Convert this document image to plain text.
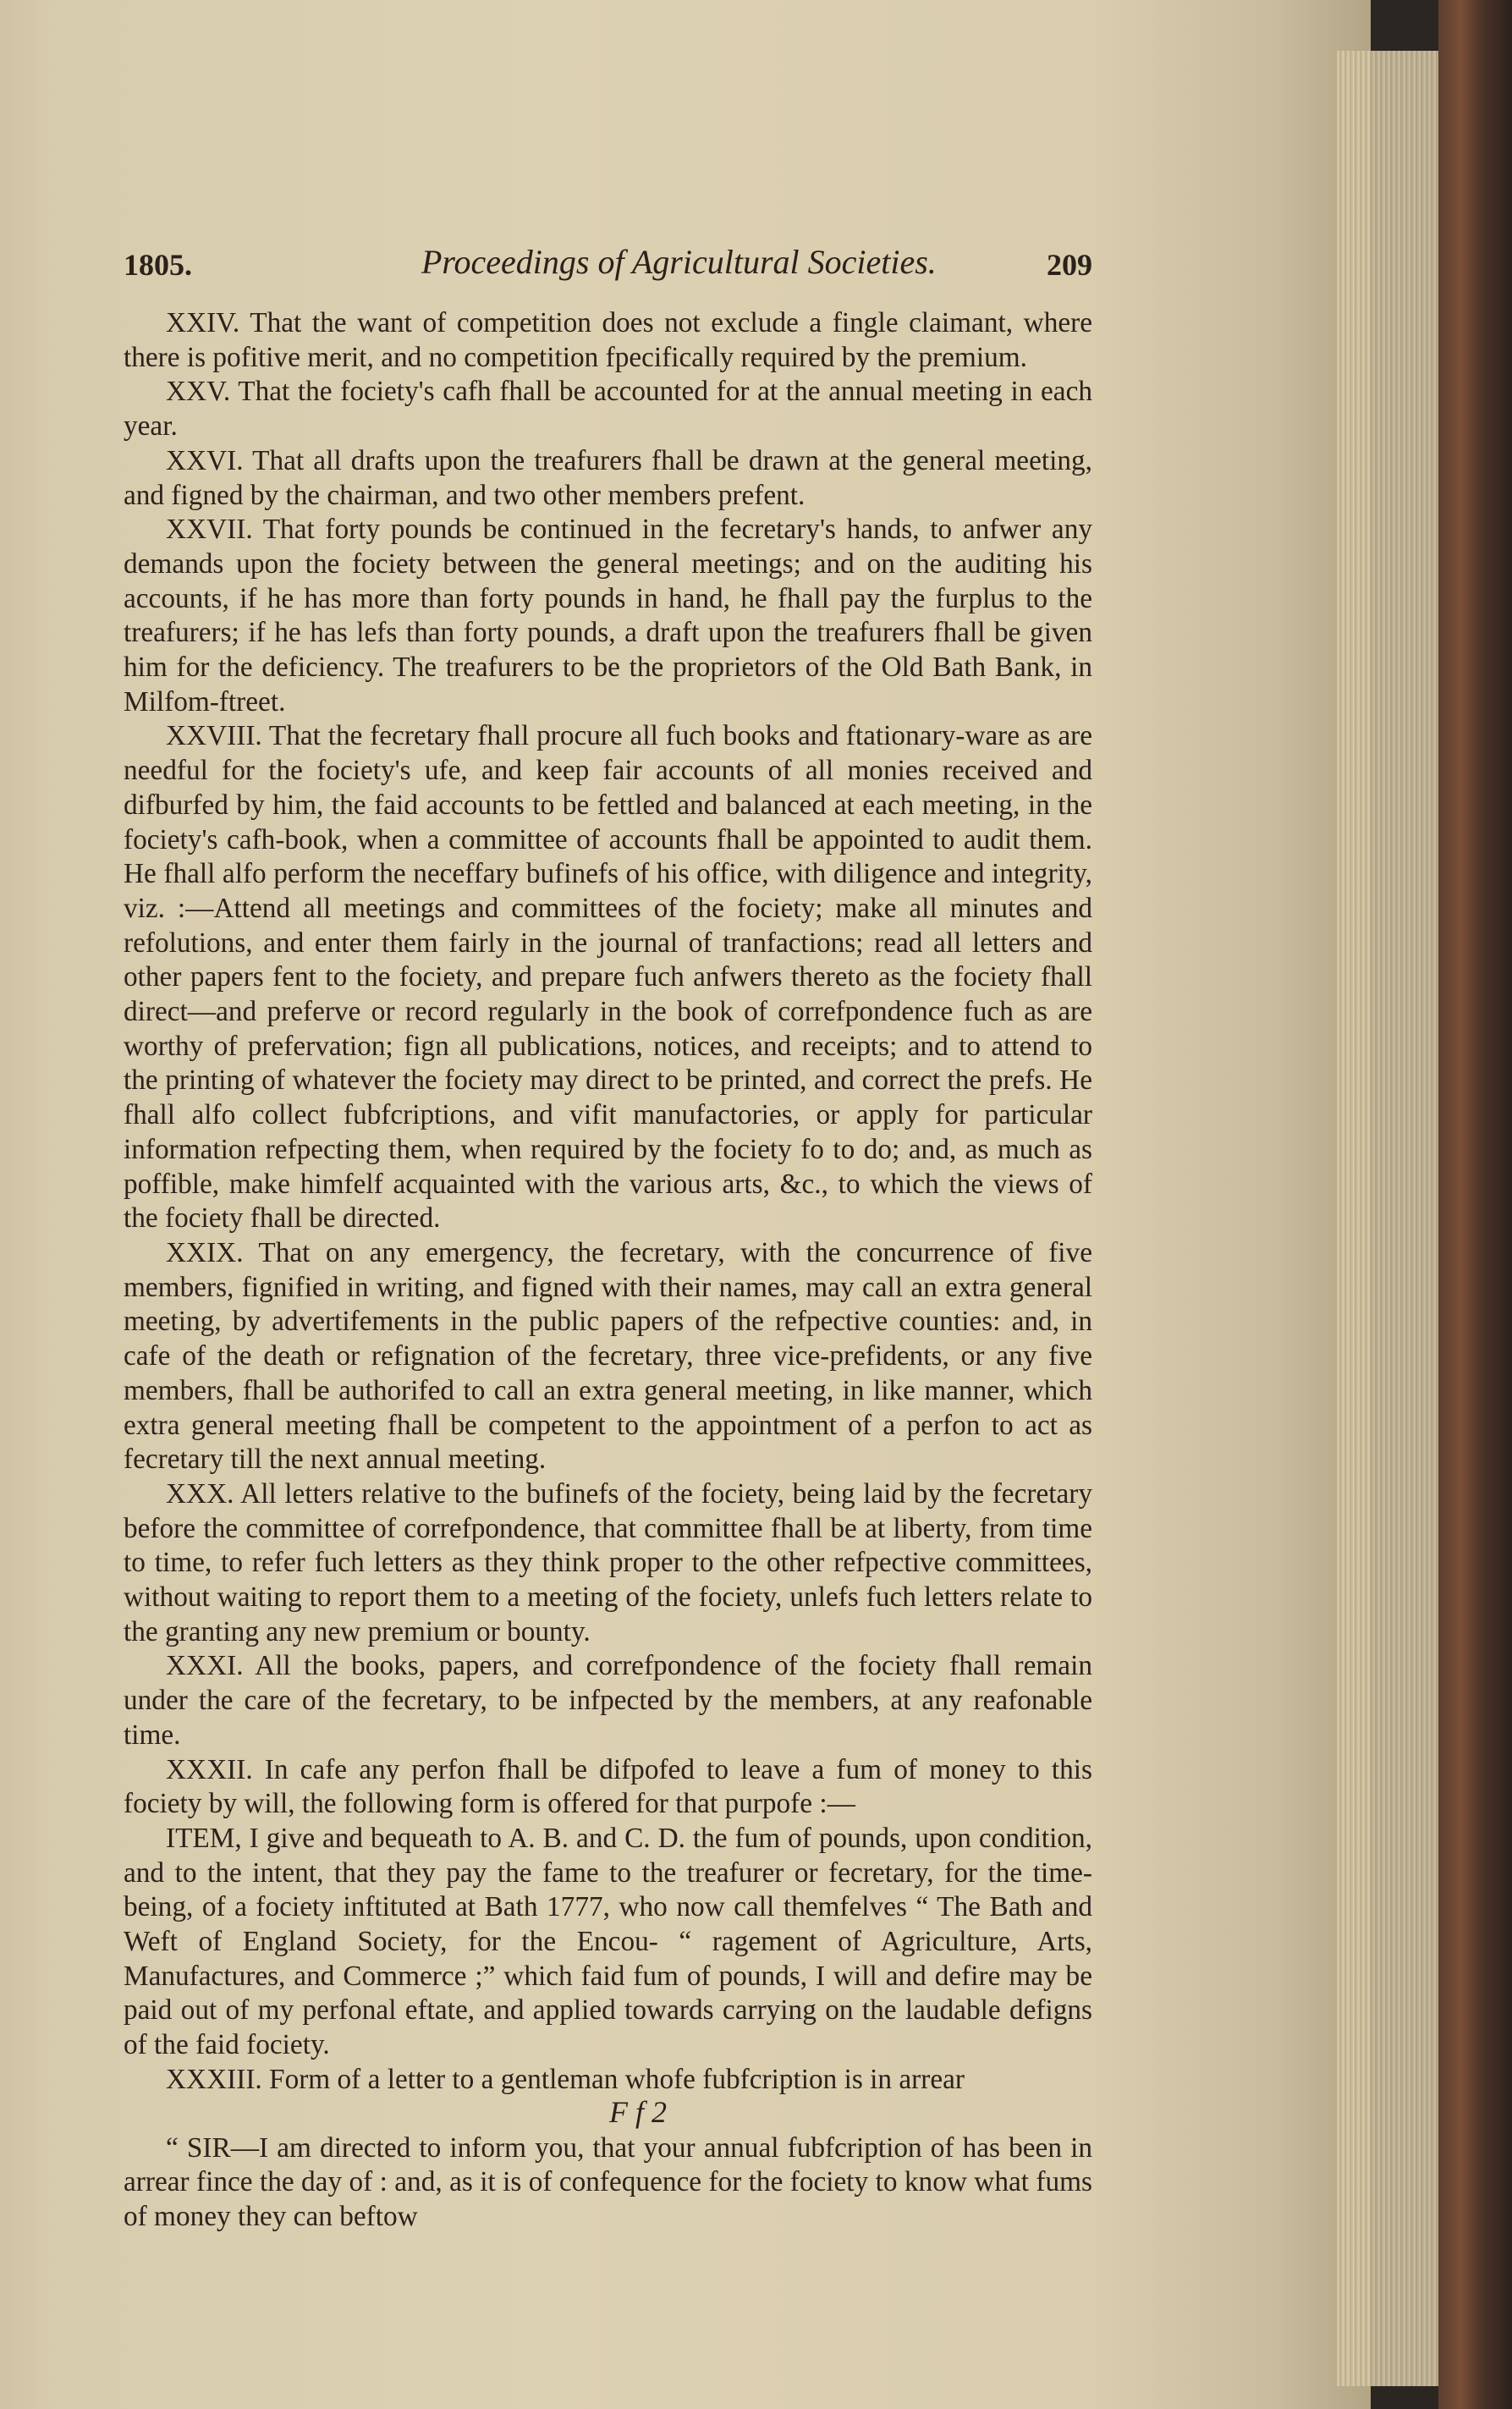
1805.	Proceedings of Agricultural Societies.	209

XXIV. That the want of competition does not exclude a fingle claimant, where there is pofitive merit, and no competition fpecifically required by the premium.

XXV. That the fociety's cafh fhall be accounted for at the annual meeting in each year.

XXVI. That all drafts upon the treafurers fhall be drawn at the general meeting, and figned by the chairman, and two other members prefent.

XXVII. That forty pounds be continued in the fecretary's hands, to anfwer any demands upon the fociety between the general meetings; and on the auditing his accounts, if he has more than forty pounds in hand, he fhall pay the furplus to the treafurers; if he has lefs than forty pounds, a draft upon the treafurers fhall be given him for the deficiency. The treafurers to be the proprietors of the Old Bath Bank, in Milfom-ftreet.

XXVIII. That the fecretary fhall procure all fuch books and ftationary-ware as are needful for the fociety's ufe, and keep fair accounts of all monies received and difburfed by him, the faid accounts to be fettled and balanced at each meeting, in the fociety's cafh-book, when a committee of accounts fhall be appointed to audit them. He fhall alfo perform the neceffary bufinefs of his office, with diligence and integrity, viz. :—Attend all meetings and committees of the fociety; make all minutes and refolutions, and enter them fairly in the journal of tranfactions; read all letters and other papers fent to the fociety, and prepare fuch anfwers thereto as the fociety fhall direct—and preferve or record regularly in the book of correfpondence fuch as are worthy of prefervation; fign all publications, notices, and receipts; and to attend to the printing of whatever the fociety may direct to be printed, and correct the prefs. He fhall alfo collect fubfcriptions, and vifit manufactories, or apply for particular information refpecting them, when required by the fociety fo to do; and, as much as poffible, make himfelf acquainted with the various arts, &c., to which the views of the fociety fhall be directed.

XXIX. That on any emergency, the fecretary, with the concurrence of five members, fignified in writing, and figned with their names, may call an extra general meeting, by advertifements in the public papers of the refpective counties: and, in cafe of the death or refignation of the fecretary, three vice-prefidents, or any five members, fhall be authorifed to call an extra general meeting, in like manner, which extra general meeting fhall be competent to the appointment of a perfon to act as fecretary till the next annual meeting.

XXX. All letters relative to the bufinefs of the fociety, being laid by the fecretary before the committee of correfpondence, that committee fhall be at liberty, from time to time, to refer fuch letters as they think proper to the other refpective committees, without waiting to report them to a meeting of the fociety, unlefs fuch letters relate to the granting any new premium or bounty.

XXXI. All the books, papers, and correfpondence of the fociety fhall remain under the care of the fecretary, to be infpected by the members, at any reafonable time.

XXXII. In cafe any perfon fhall be difpofed to leave a fum of money to this fociety by will, the following form is offered for that purpofe :—

ITEM, I give and bequeath to A. B. and C. D. the fum of pounds, upon condition, and to the intent, that they pay the fame to the treafurer or fecretary, for the time-being, of a fociety inftituted at Bath 1777, who now call themfelves “ The Bath and Weft of England Society, for the Encou- “ ragement of Agriculture, Arts, Manufactures, and Commerce ;” which faid fum of pounds, I will and defire may be paid out of my perfonal eftate, and applied towards carrying on the laudable defigns of the faid fociety.

XXXIII. Form of a letter to a gentleman whofe fubfcription is in arrear

“ SIR—I am directed to inform you, that your annual fubfcription of has been in arrear fince the day of : and, as it is of confequence for the fociety to know what fums of money they can beftow

F f 2
